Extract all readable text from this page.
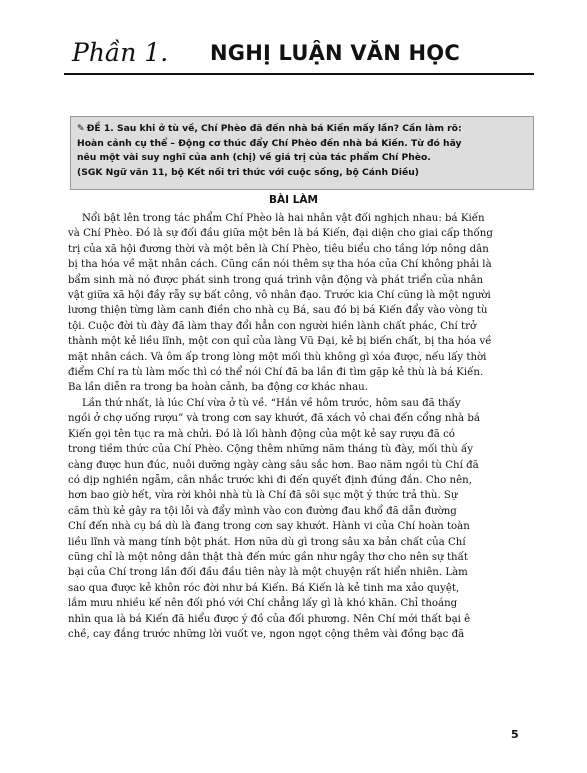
Phần 1. NGHỊ LUẬN VĂN HỌC
✎ ĐỀ 1. Sau khi ở tù về, Chí Phèo đã đến nhà bá Kiến mấy lần? Cần làm rõ:
Hoàn cảnh cụ thể – Động cơ thúc đẩy Chí Phèo đến nhà bá Kiến. Từ đó hãy
nêu một vài suy nghĩ của anh (chị) về giá trị của tác phẩm Chí Phèo.
(SGK Ngữ văn 11, bộ Kết nối tri thức với cuộc sống, bộ Cánh Diều)
BÀI LÀM
Nổi bật lên trong tác phẩm Chí Phèo là hai nhân vật đối nghịch nhau: bá Kiến
và Chí Phèo. Đó là sự đối đầu giữa một bên là bá Kiến, đại diện cho giai cấp thống
trị của xã hội đương thời và một bên là Chí Phèo, tiêu biểu cho tầng lớp nông dân
bị tha hóa về mặt nhân cách. Cũng cần nói thêm sự tha hóa của Chí không phải là
bẩm sinh mà nó được phát sinh trong quá trình vận động và phát triển của nhân
vật giữa xã hội đầy rẫy sự bất công, vô nhân đạo. Trước kia Chí cũng là một người
lương thiện từng làm canh điền cho nhà cụ Bá, sau đó bị bá Kiến đẩy vào vòng tù
tội. Cuộc đời tù đày đã làm thay đổi hẳn con người hiền lành chất phác, Chí trở
thành một kẻ liều lĩnh, một con quỉ của làng Vũ Đại, kẻ bị biến chất, bị tha hóa về
mặt nhân cách. Và ôm ấp trong lòng một mối thù không gì xóa được, nếu lấy thời
điểm Chí ra tù làm mốc thì có thể nói Chí đã ba lần đi tìm gặp kẻ thù là bá Kiến.
Ba lần diễn ra trong ba hoàn cảnh, ba động cơ khác nhau.
Lần thứ nhất, là lúc Chí vừa ở tù về. “Hắn về hôm trước, hôm sau đã thấy
ngồi ở chợ uống rượu” và trong cơn say khướt, đã xách vỏ chai đến cổng nhà bá
Kiến gọi tên tục ra mà chửi. Đó là lối hành động của một kẻ say rượu đã có
trong tiềm thức của Chí Phèo. Cộng thêm những năm tháng tù đày, mối thù ấy
càng được hun đúc, nuôi dưỡng ngày càng sâu sắc hơn. Bao năm ngồi tù Chí đã
có dịp nghiền ngẫm, cân nhắc trước khi đi đến quyết định đúng đắn. Cho nên,
hơn bao giờ hết, vừa rời khỏi nhà tù là Chí đã sôi sục một ý thức trả thù. Sự
căm thù kẻ gây ra tội lỗi và đẩy mình vào con đường đau khổ đã dẫn đường
Chí đến nhà cụ bá dù là đang trong cơn say khướt. Hành vi của Chí hoàn toàn
liều lĩnh và mang tính bột phát. Hơn nữa dù gì trong sâu xa bản chất của Chí
cũng chỉ là một nông dân thật thà đến mức gần như ngây thơ cho nên sự thất
bại của Chí trong lần đối đầu đầu tiên này là một chuyện rất hiển nhiên. Làm
sao qua được kẻ khôn róc đời như bá Kiến. Bá Kiến là kẻ tinh ma xảo quyệt,
lắm mưu nhiều kế nên đối phó với Chí chẳng lấy gì là khó khăn. Chỉ thoáng
nhìn qua là bá Kiến đã hiểu được ý đồ của đối phương. Nên Chí mới thất bại ê
chề, cay đắng trước những lời vuốt ve, ngon ngọt cộng thêm vài đồng bạc đã
5
